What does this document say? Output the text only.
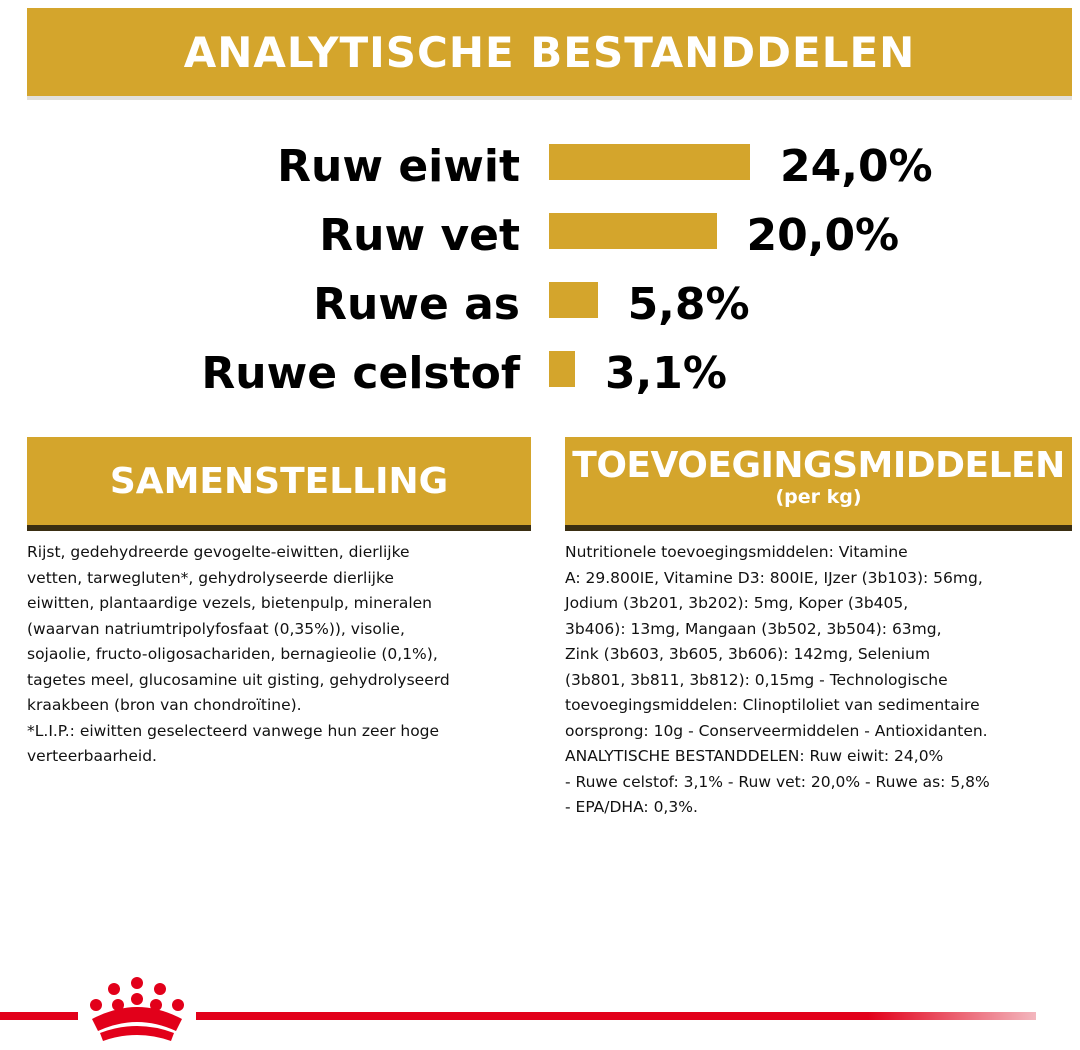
ANALYTISCHE BESTANDDELEN
Ruw eiwit	24,0%
Ruw vet	20,0%
Ruwe as 5,8%
Ruwe celstof 3,1%
SAMENSTELLING
Rijst, gedehydreerde gevogelte-eiwitten, dierlijke
vetten, tarwegluten*, gehydrolyseerde dierlijke
eiwitten, plantaardige vezels, bietenpulp, mineralen
(waarvan natriumtripolyfosfaat (0,35%)), visolie,
sojaolie, fructo-oligosachariden, bernagieolie (0,1%),
tagetes meel, glucosamine uit gisting, gehydrolyseerd
kraakbeen (bron van chondroïtine).
*L.I.P.: eiwitten geselecteerd vanwege hun zeer hoge
verteerbaarheid.
TOEVOEGINGSMIDDELEN
(per kg)
Nutritionele toevoegingsmiddelen: Vitamine
A: 29.800IE, Vitamine D3: 800IE, IJzer (3b103): 56mg,
Jodium (3b201, 3b202): 5mg, Koper (3b405,
3b406): 13mg, Mangaan (3b502, 3b504): 63mg,
Zink (3b603, 3b605, 3b606): 142mg, Selenium
(3b801, 3b811, 3b812): 0,15mg - Technologische
toevoegingsmiddelen: Clinoptiloliet van sedimentaire
oorsprong: 10g - Conserveermiddelen - Antioxidanten.
ANALYTISCHE BESTANDDELEN: Ruw eiwit: 24,0%
- Ruwe celstof: 3,1% - Ruw vet: 20,0% - Ruwe as: 5,8%
- EPA/DHA: 0,3%.
